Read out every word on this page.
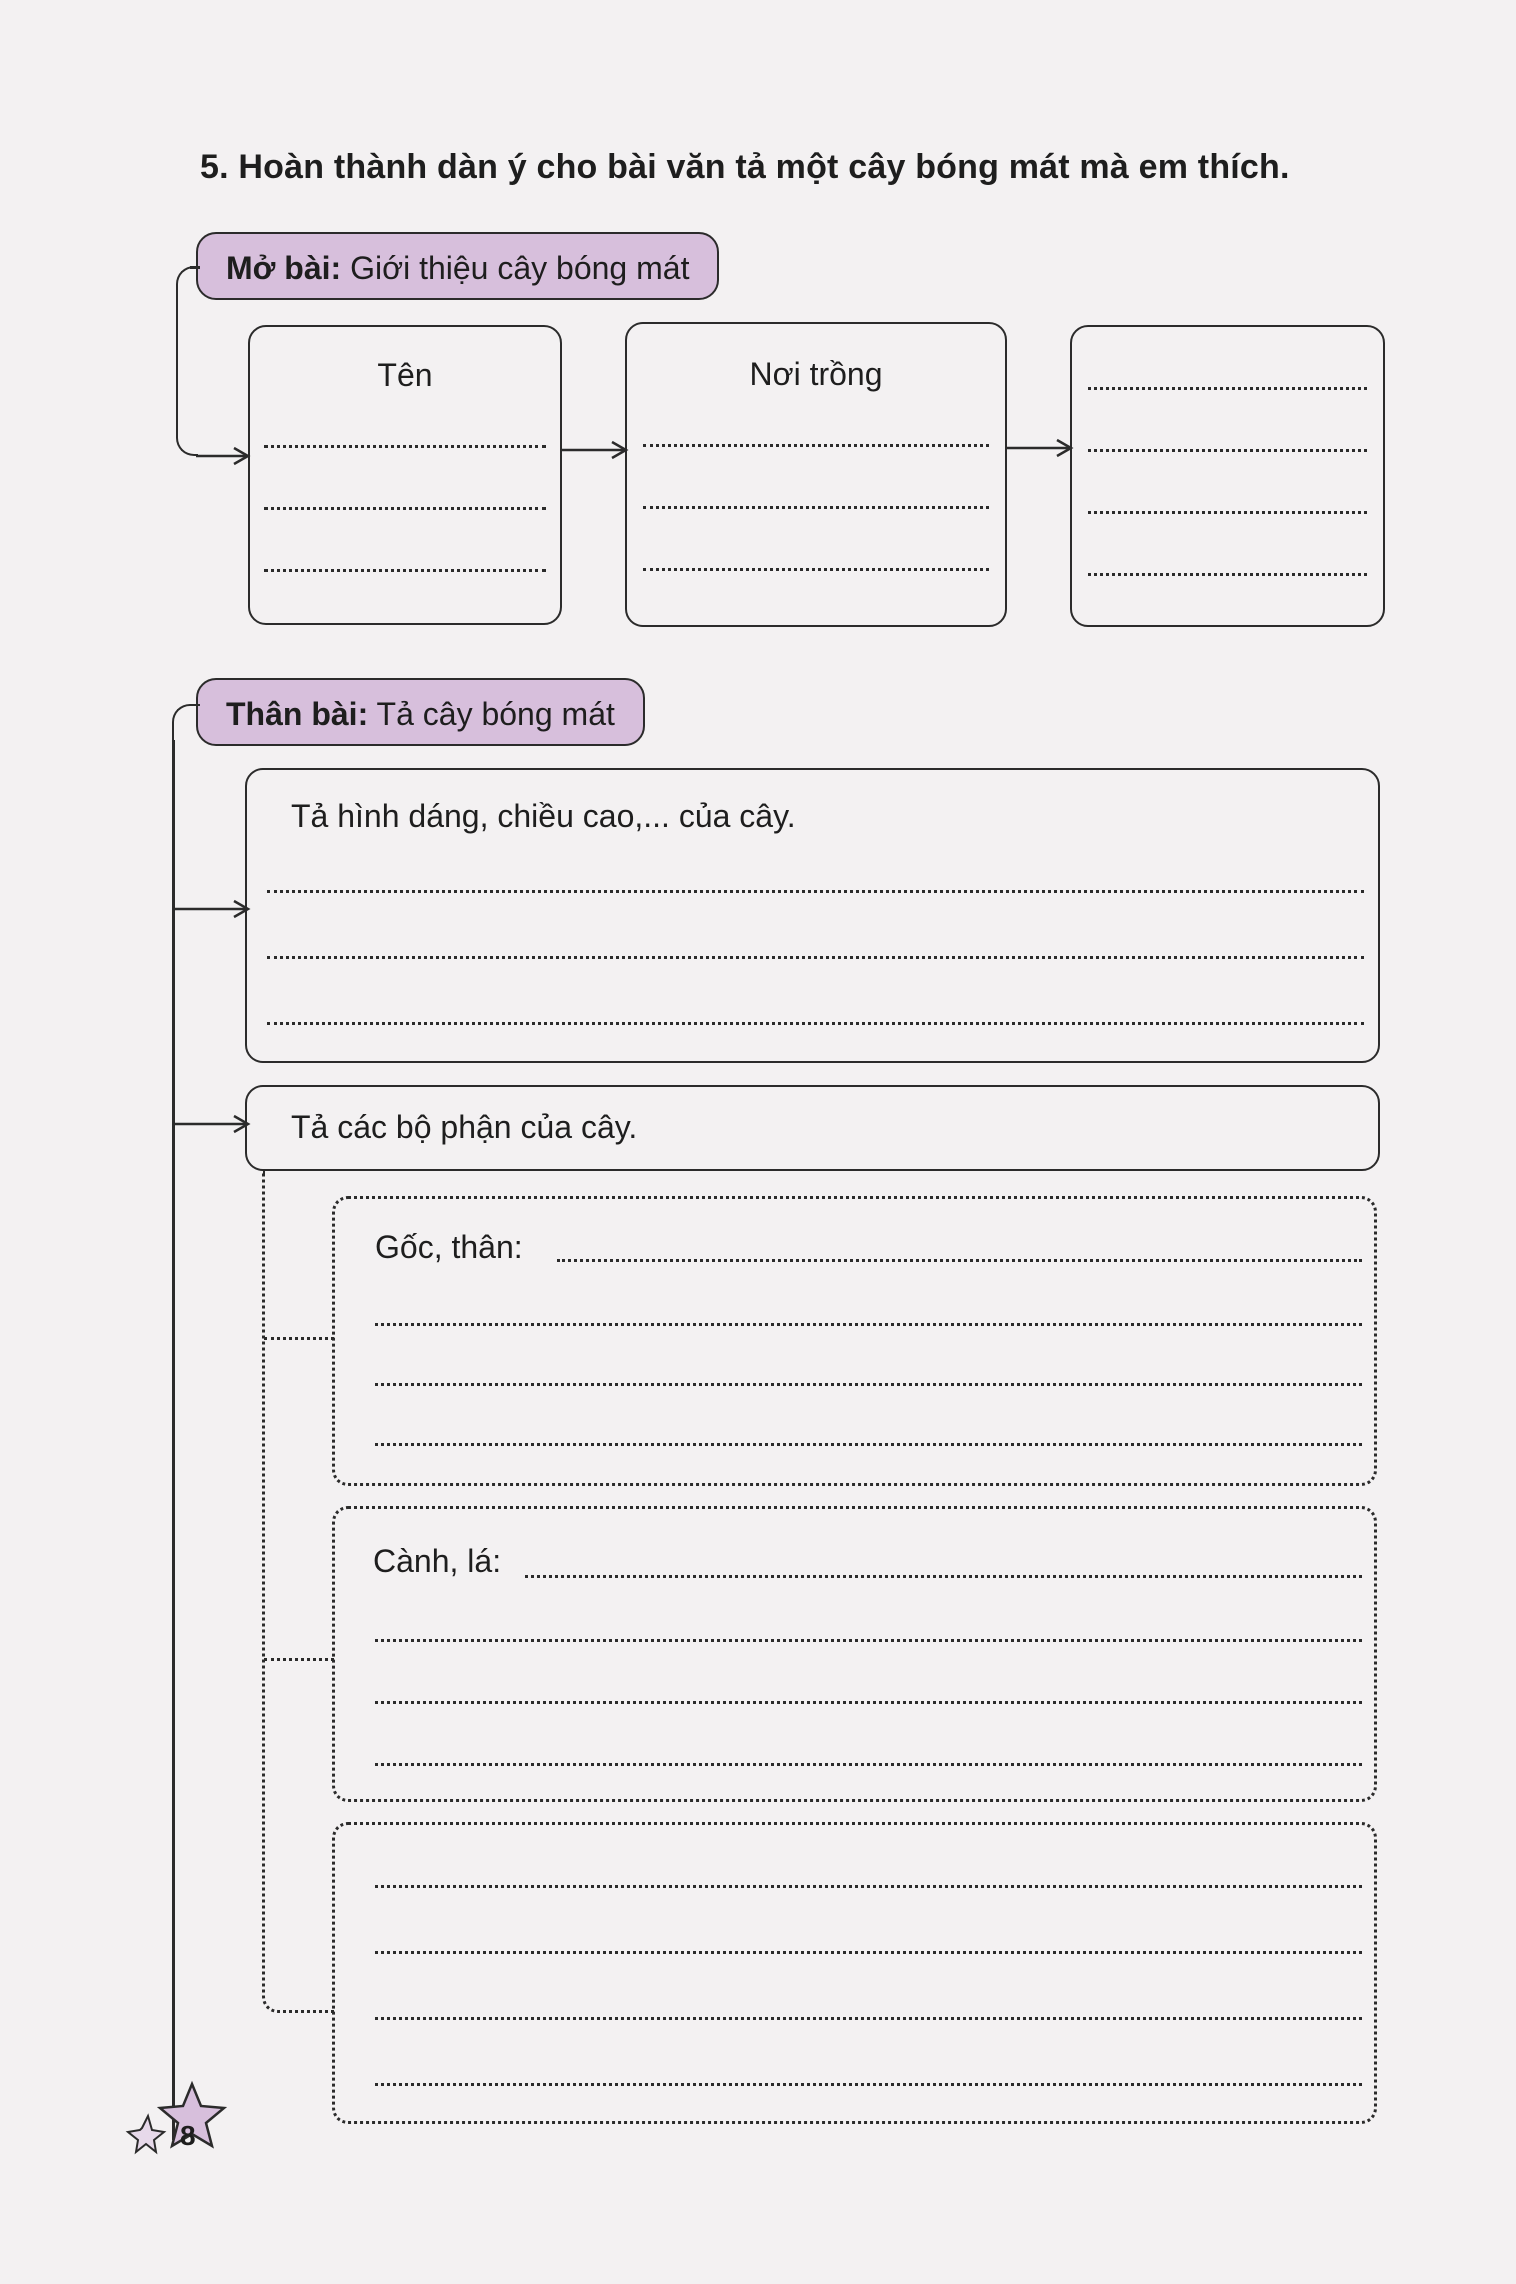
5. Hoàn thành dàn ý cho bài văn tả một cây bóng mát mà em thích.
Mở bài: Giới thiệu cây bóng mát
Tên	Nơi trồng
Thân bài: Tả cây bóng mát
Tả hình dáng, chiều cao,... của cây.
Tả các bộ phận của cây.
Gốc, thân:
Cành, lá:
8
